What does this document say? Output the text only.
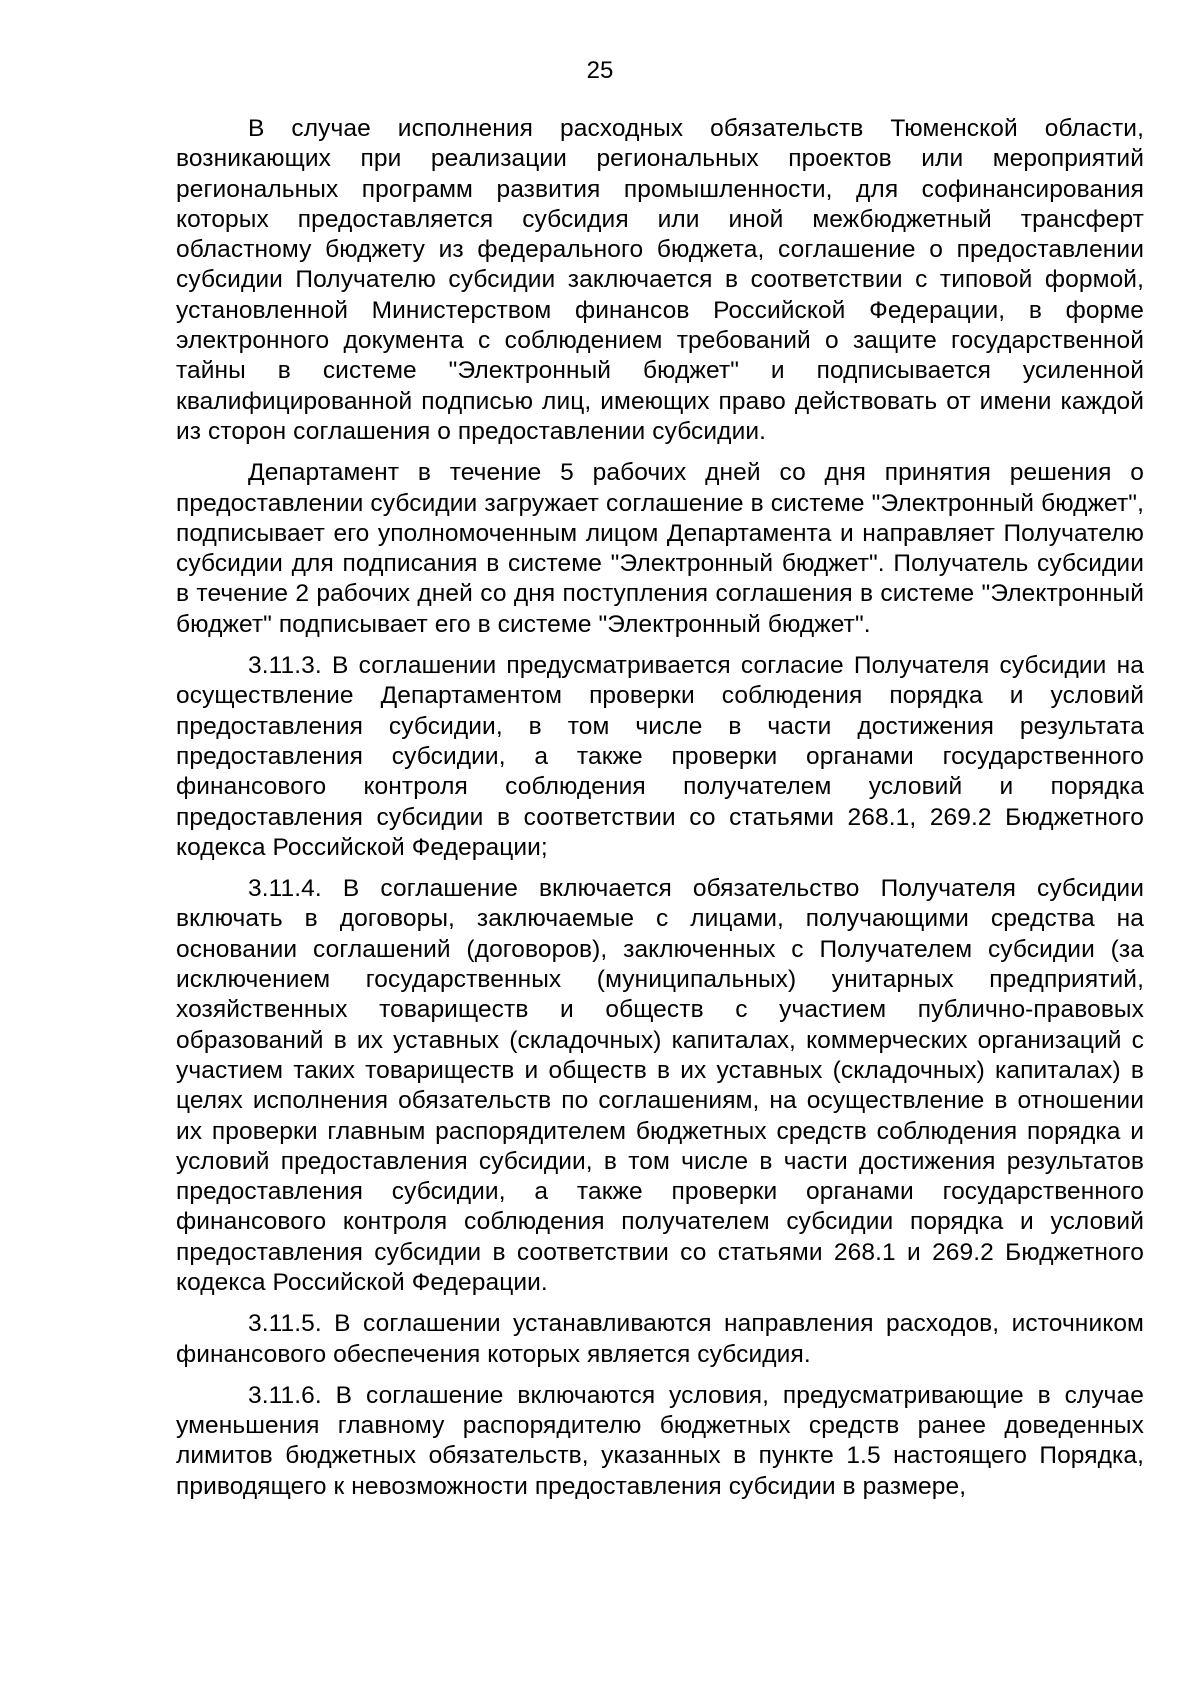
25

В случае исполнения расходных обязательств Тюменской области, возникающих при реализации региональных проектов или мероприятий региональных программ развития промышленности, для софинансирования которых предоставляется субсидия или иной межбюджетный трансферт областному бюджету из федерального бюджета, соглашение о предоставлении субсидии Получателю субсидии заключается в соответствии с типовой формой, установленной Министерством финансов Российской Федерации, в форме электронного документа с соблюдением требований о защите государственной тайны в системе "Электронный бюджет" и подписывается усиленной квалифицированной подписью лиц, имеющих право действовать от имени каждой из сторон соглашения о предоставлении субсидии.

Департамент в течение 5 рабочих дней со дня принятия решения о предоставлении субсидии загружает соглашение в системе "Электронный бюджет", подписывает его уполномоченным лицом Департамента и направляет Получателю субсидии для подписания в системе "Электронный бюджет". Получатель субсидии в течение 2 рабочих дней со дня поступления соглашения в системе "Электронный бюджет" подписывает его в системе "Электронный бюджет".

3.11.3. В соглашении предусматривается согласие Получателя субсидии на осуществление Департаментом проверки соблюдения порядка и условий предоставления субсидии, в том числе в части достижения результата предоставления субсидии, а также проверки органами государственного финансового контроля соблюдения получателем условий и порядка предоставления субсидии в соответствии со статьями 268.1, 269.2 Бюджетного кодекса Российской Федерации;

3.11.4. В соглашение включается обязательство Получателя субсидии включать в договоры, заключаемые с лицами, получающими средства на основании соглашений (договоров), заключенных с Получателем субсидии (за исключением государственных (муниципальных) унитарных предприятий, хозяйственных товариществ и обществ с участием публично-правовых образований в их уставных (складочных) капиталах, коммерческих организаций с участием таких товариществ и обществ в их уставных (складочных) капиталах) в целях исполнения обязательств по соглашениям, на осуществление в отношении их проверки главным распорядителем бюджетных средств соблюдения порядка и условий предоставления субсидии, в том числе в части достижения результатов предоставления субсидии, а также проверки органами государственного финансового контроля соблюдения получателем субсидии порядка и условий предоставления субсидии в соответствии со статьями 268.1 и 269.2 Бюджетного кодекса Российской Федерации.

3.11.5. В соглашении устанавливаются направления расходов, источником финансового обеспечения которых является субсидия.

3.11.6. В соглашение включаются условия, предусматривающие в случае уменьшения главному распорядителю бюджетных средств ранее доведенных лимитов бюджетных обязательств, указанных в пункте 1.5 настоящего Порядка, приводящего к невозможности предоставления субсидии в размере,
